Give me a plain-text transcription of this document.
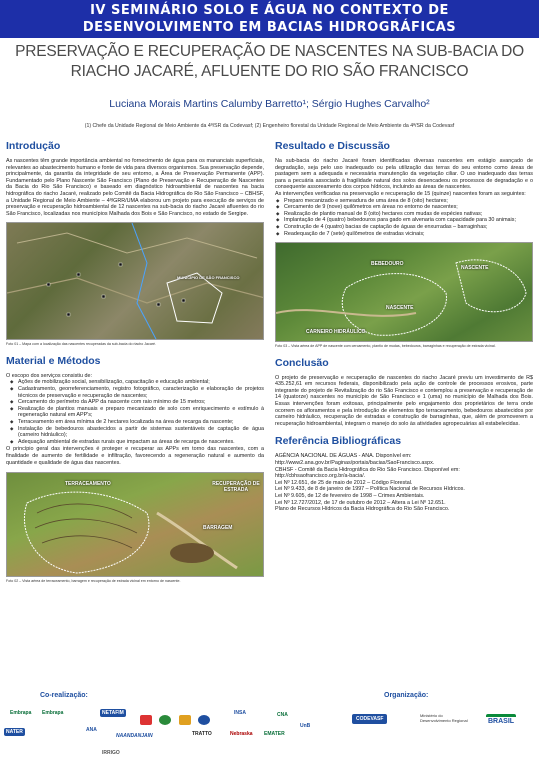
IV SEMINÁRIO SOLO E ÁGUA NO CONTEXTO DE
DESENVOLVIMENTO EM BACIAS HIDROGRÁFICAS
PRESERVAÇÃO E RECUPERAÇÃO DE NASCENTES NA SUB-BACIA DO
RIACHO JACARÉ, AFLUENTE DO RIO SÃO FRANCISCO
Luciana Morais Martins Calumby Barretto¹; Sérgio Hughes Carvalho²
(1) Chefe da Unidade Regional de Meio Ambiente da 4ª/SR da Codevasf; (2) Engenheiro florestal da Unidade Regional de Meio Ambiente da 4ª/SR da Codevasf
Introdução

As nascentes têm grande importância ambiental no fornecimento de água para os mananciais superficiais, relevantes ao abastecimento humano e fonte de vida para diversos organismos. Sua preservação depende, principalmente, da garantia da integridade de seu entorno, a Área de Preservação Permanente (APP). Fundamentado pelo Plano Nascente São Francisco (Plano de Preservação e Recuperação de Nascentes da Bacia do Rio São Francisco) e baseado em diagnóstico hidroambiental de nascentes na bacia hidrográfica do riacho Jacaré, realizado pelo Comitê da Bacia Hidrográfica do Rio São Francisco – CBHSF, a Unidade Regional de Meio Ambiente – 4ª/GRR/UMA elaborou um projeto para execução de serviços de preservação e recuperação hidroambiental de 12 nascentes na sub-bacia do riacho Jacaré afluentes do rio São Francisco, localizadas nos municípios Malhada dos Bois e São Francisco, no estado de Sergipe.

MUNICÍPIO DE SÃO FRANCISCO
Foto 01 – Mapa com a localização das nascentes recuperadas da sub-bacia do riacho Jacaré.
Material e Métodos

O escopo dos serviços consistiu de:

◆ Ações de mobilização social, sensibilização, capacitação e educação ambiental;
◆ Cadastramento, georreferenciamento, registro fotográfico, caracterização e elaboração de projetos técnicos de preservação e recuperação de nascentes;
◆ Cercamento do perímetro da APP da nascente com raio mínimo de 15 metros;
◆ Realização de plantios manuais e preparo mecanizado de solo com enriquecimento e estímulo à regeneração natural em APP's;
◆ Terraceamento em área mínima de 2 hectares localizada na área de recarga da nascente;
◆ Instalação de bebedouros abastecidos a partir de sistemas sustentáveis de captação de água (carneiro hidráulico);
◆ Adequação ambiental de estradas rurais que impactam as áreas de recarga de nascentes.

O princípio geral das intervenções é proteger e recuperar as APPs em torno das nascentes, com a finalidade de aumento de fertilidade e infiltração, favorecendo a regeneração natural e aumento da quantidade e qualidade de água das nascentes.

TERRACEAMENTO	RECUPERAÇÃO DE ESTRADA
BARRAGEM
Foto 02 – Vista aérea de terraceamento, barragem e recuperação de estrada vicinal em entorno de nascente.
Resultado e Discussão

Na sub-bacia do riacho Jacaré foram identificadas diversas nascentes em estágio avançado de degradação, seja pelo uso inadequado ou pela utilização das terras do seu entorno como áreas de pastagem sem a adequada e necessária manutenção da vegetação ciliar. O uso inadequado das terras para a pecuária associado à fragilidade natural dos solos desencadeou os processos de degradação e o consequente assoreamento dos corpos hídricos, incluindo as áreas de nascentes.

As intervenções verificadas na preservação e recuperação de 15 (quinze) nascentes foram as seguintes:

◆ Preparo mecanizado e semeadura de uma área de 8 (oito) hectares;
◆ Cercamento de 9 (nove) quilômetros em áreas no entorno de nascentes;
◆ Realização de plantio manual de 8 (oito) hectares com mudas de espécies nativas;
◆ Implantação de 4 (quatro) bebedouros para gado em alvenaria com capacidade para 30 animais;
◆ Construção de 4 (quatro) bacias de captação de águas de enxurradas – barraginhas;
◆ Readequação de 7 (sete) quilômetros de estradas vicinais;
BEBEDOURO
NASCENTE
NASCENTE
CARNEIRO HIDRÁULICO
Foto 03 – Vista aérea de APP de nascente com cercamento, plantio de mudas, bebedouros, barraginhas e recuperação de estrada vicinal.
Conclusão

O projeto de preservação e recuperação de nascentes do riacho Jacaré previu um investimento de R$ 435.252,61 em recursos federais, disponibilizado pela ação de controle de processos erosivos, parte integrante do projeto de Revitalização do rio São Francisco e contemplou a preservação e recuperação de 14 (quatorze) nascentes no município de São Francisco e 1 (uma) no município de Malhada dos Bois. Essas intervenções foram exitosas, principalmente pelo engajamento dos proprietários de terra onde ocorrem os afloramentos e pela introdução de elementos tipo terraceamento, bebedouros abastecidos por carneiro hidráulico, recuperação de estradas e construção de barraginhas, que, além de promoverem a recuperação hidroambiental, integram o manejo do solo às atividades agropecuárias ali estabelecidas.

Referência Bibliográficas

AGÊNCIA NACIONAL DE ÁGUAS - ANA. Disponível em: http://www2.ana.gov.br/Paginas/portais/bacias/SaoFrancisco.aspx.

CBHSF - Comitê da Bacia Hidrográfica do Rio São Francisco. Disponível em: http://cbhsaofrancisco.org.br/a-bacia/.

Lei Nº 12.651, de 25 de maio de 2012 – Código Florestal.

Lei Nº 9.433, de 8 de janeiro de 1997 – Política Nacional de Recursos Hídricos.

Lei Nº 9.605, de 12 de fevereiro de 1998 – Crimes Ambientais.

Lei Nº 12.727/2012, de 17 de outubro de 2012 – Altera a Lei Nº 12.651.

Plano de Recursos Hídricos da Bacia Hidrográfica do Rio São Francisco.

Co-realização:	Organização:
Embrapa	Embrapa	NETAFIM
IRRIGO
INSA	CNA
UnB
NATER	ANA
NAANDANJAIN	TRATTO	Nebraska	EMATER

CODEVASF
Ministério do Desenvolvimento Regional	BRASIL
